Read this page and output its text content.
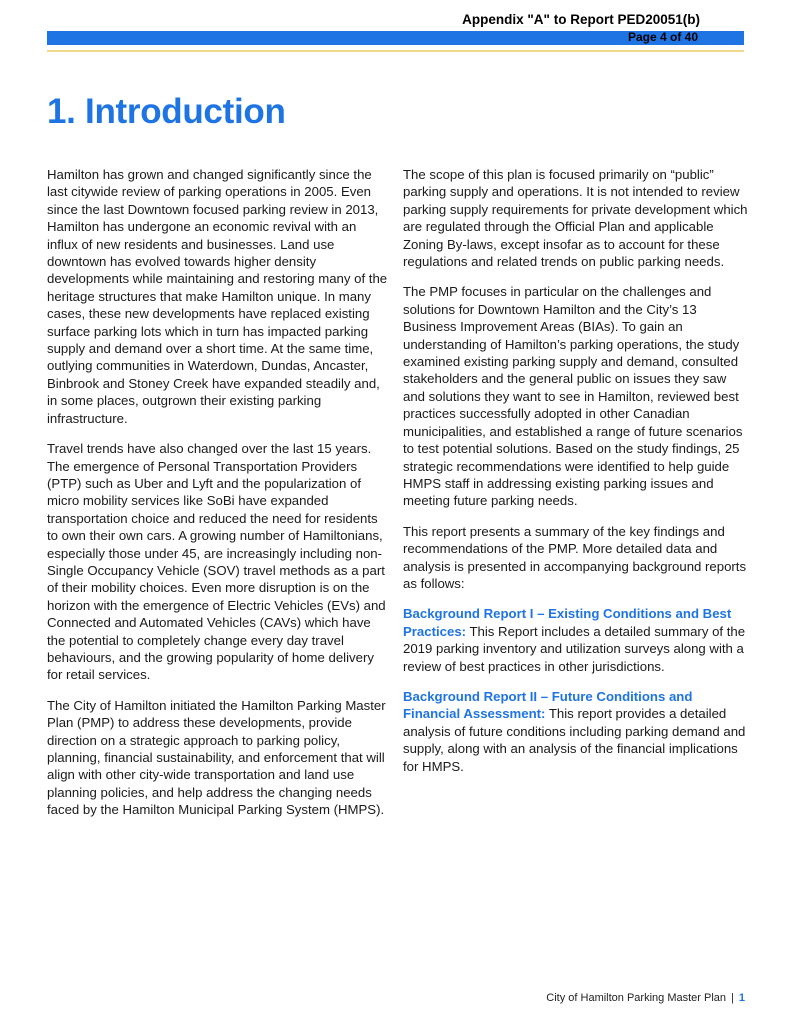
Appendix "A" to Report PED20051(b)
Page 4 of 40
1. Introduction

Hamilton has grown and changed significantly since the last citywide review of parking operations in 2005. Even since the last Downtown focused parking review in 2013, Hamilton has undergone an economic revival with an influx of new residents and businesses. Land use downtown has evolved towards higher density developments while maintaining and restoring many of the heritage structures that make Hamilton unique. In many cases, these new developments have replaced existing surface parking lots which in turn has impacted parking supply and demand over a short time. At the same time, outlying communities in Waterdown, Dundas, Ancaster, Binbrook and Stoney Creek have expanded steadily and, in some places, outgrown their existing parking infrastructure.

Travel trends have also changed over the last 15 years. The emergence of Personal Transportation Providers (PTP) such as Uber and Lyft and the popularization of micro mobility services like SoBi have expanded transportation choice and reduced the need for residents to own their own cars. A growing number of Hamiltonians, especially those under 45, are increasingly including non-Single Occupancy Vehicle (SOV) travel methods as a part of their mobility choices. Even more disruption is on the horizon with the emergence of Electric Vehicles (EVs) and Connected and Automated Vehicles (CAVs) which have the potential to completely change every day travel behaviours, and the growing popularity of home delivery for retail services.

The City of Hamilton initiated the Hamilton Parking Master Plan (PMP) to address these developments, provide direction on a strategic approach to parking policy, planning, financial sustainability, and enforcement that will align with other city-wide transportation and land use planning policies, and help address the changing needs faced by the Hamilton Municipal Parking System (HMPS).

The scope of this plan is focused primarily on “public” parking supply and operations. It is not intended to review parking supply requirements for private development which are regulated through the Official Plan and applicable Zoning By-laws, except insofar as to account for these regulations and related trends on public parking needs.

The PMP focuses in particular on the challenges and solutions for Downtown Hamilton and the City’s 13 Business Improvement Areas (BIAs). To gain an understanding of Hamilton’s parking operations, the study examined existing parking supply and demand, consulted stakeholders and the general public on issues they saw and solutions they want to see in Hamilton, reviewed best practices successfully adopted in other Canadian municipalities, and established a range of future scenarios to test potential solutions. Based on the study findings, 25 strategic recommendations were identified to help guide HMPS staff in addressing existing parking issues and meeting future parking needs.

This report presents a summary of the key findings and recommendations of the PMP. More detailed data and analysis is presented in accompanying background reports as follows:

Background Report I – Existing Conditions and Best Practices: This Report includes a detailed summary of the 2019 parking inventory and utilization surveys along with a review of best practices in other jurisdictions.

Background Report II – Future Conditions and Financial Assessment: This report provides a detailed analysis of future conditions including parking demand and supply, along with an analysis of the financial implications for HMPS.

City of Hamilton Parking Master Plan | 1
